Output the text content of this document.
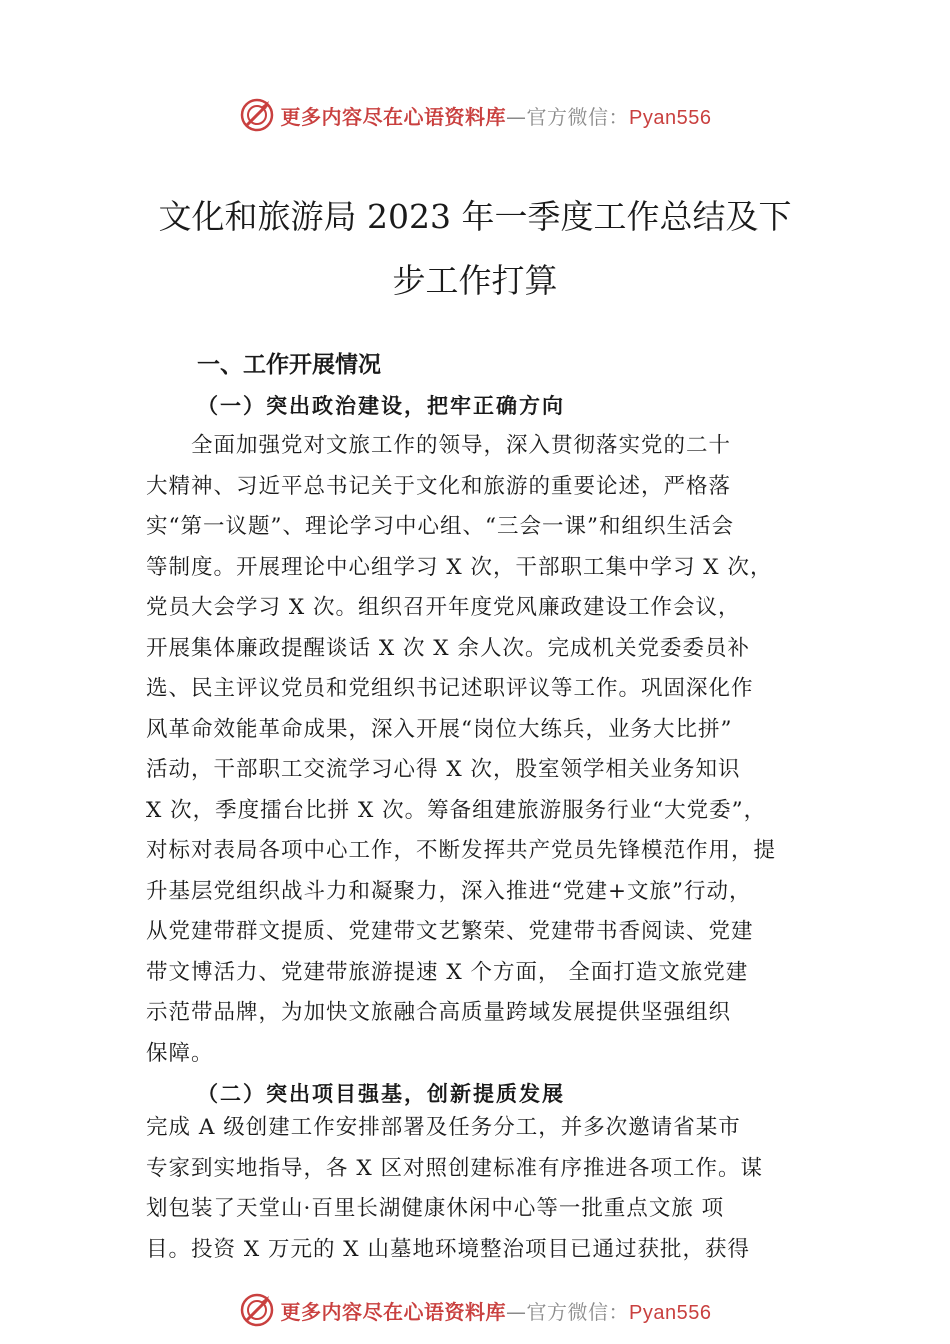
更多内容尽在心语资料库—官方微信：Pyan556
文化和旅游局 2023 年一季度工作总结及下
步工作打算
一、工作开展情况
（一）突出政治建设，把牢正确方向
　　全面加强党对文旅工作的领导，深入贯彻落实党的二十
大精神、习近平总书记关于文化和旅游的重要论述，严格落
实“第一议题”、理论学习中心组、“三会一课”和组织生活会
等制度。开展理论中心组学习 X 次，干部职工集中学习 X 次，
党员大会学习 X 次。组织召开年度党风廉政建设工作会议，
开展集体廉政提醒谈话 X 次 X 余人次。完成机关党委委员补
选、民主评议党员和党组织书记述职评议等工作。巩固深化作
风革命效能革命成果，深入开展“岗位大练兵，业务大比拼”
活动，干部职工交流学习心得 X 次，股室领学相关业务知识
X 次，季度擂台比拼 X 次。筹备组建旅游服务行业“大党委”，
对标对表局各项中心工作，不断发挥共产党员先锋模范作用，提
升基层党组织战斗力和凝聚力，深入推进“党建+文旅”行动，
从党建带群文提质、党建带文艺繁荣、党建带书香阅读、党建
带文博活力、党建带旅游提速 X 个方面， 全面打造文旅党建
示范带品牌，为加快文旅融合高质量跨域发展提供坚强组织
保障。
（二）突出项目强基，创新提质发展
完成 A 级创建工作安排部署及任务分工，并多次邀请省某市
专家到实地指导，各 X 区对照创建标准有序推进各项工作。谋
划包装了天堂山·百里长湖健康休闲中心等一批重点文旅 项
目。投资 X 万元的 X 山墓地环境整治项目已通过获批，获得
更多内容尽在心语资料库—官方微信：Pyan556
